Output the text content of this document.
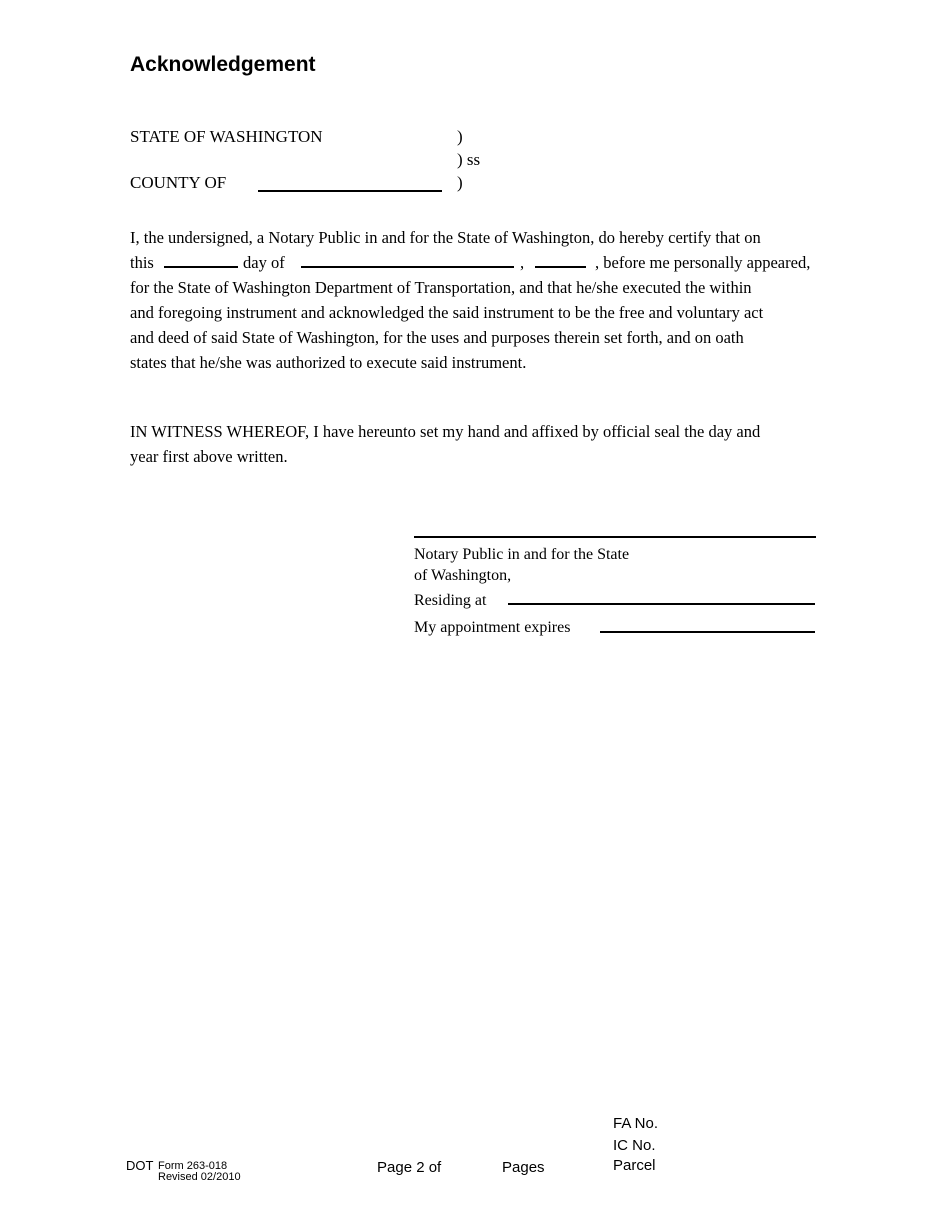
Acknowledgement
STATE OF WASHINGTON	)
) ss
COUNTY OF	)
I, the undersigned, a Notary Public in and for the State of Washington, do hereby certify that on
this	day of	,	, before me personally appeared,
for the State of Washington Department of Transportation, and that he/she executed the within
and foregoing instrument and acknowledged the said instrument to be the free and voluntary act
and deed of said State of Washington, for the uses and purposes therein set forth, and on oath
states that he/she was authorized to execute said instrument.
IN WITNESS WHEREOF, I have hereunto set my hand and affixed by official seal the day and
year first above written.
Notary Public in and for the State
of Washington,
Residing at
My appointment expires
DOT Form 263-018
Revised 02/2010
Page 2 of	Pages
FA No.
IC No.
Parcel
